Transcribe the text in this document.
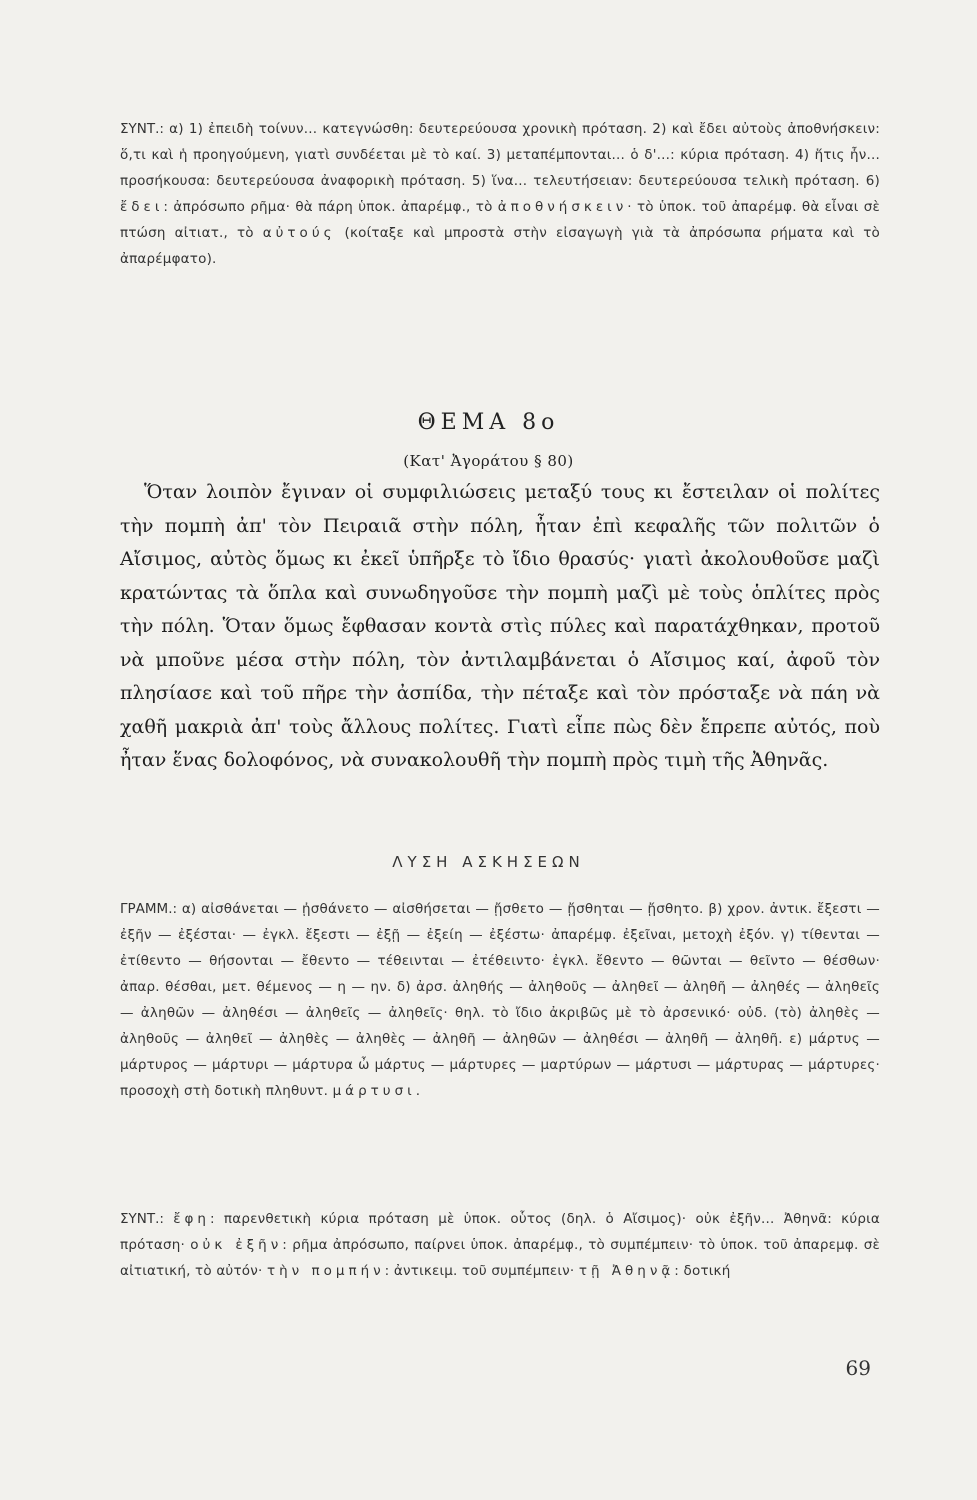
ΣΥΝΤ.: α) 1) ἐπειδὴ τοίνυν... κατεγνώσθη: δευτερεύουσα χρονικὴ πρόταση. 2) καὶ ἔδει αὐτοὺς ἀποθνήσκειν: ὅ,τι καὶ ἡ προηγούμενη, γιατὶ συνδέεται μὲ τὸ καί. 3) μεταπέμπονται... ὁ δ'...: κύρια πρόταση. 4) ἥτις ἦν... προσήκουσα: δευτερεύουσα ἀναφορικὴ πρόταση. 5) ἵνα... τελευτήσειαν: δευτερεύουσα τελικὴ πρόταση. 6) ἔδει: ἀπρόσωπο ρῆμα· θὰ πάρη ὑποκ. ἀπαρέμφ., τὸ ἀποθνήσκειν· τὸ ὑποκ. τοῦ ἀπαρέμφ. θὰ εἶναι σὲ πτώση αἰτιατ., τὸ αὐτούς (κοίταξε καὶ μπροστὰ στὴν εἰσαγωγὴ γιὰ τὰ ἀπρόσωπα ρήματα καὶ τὸ ἀπαρέμφατο).

ΘΕΜΑ 8ο
(Κατ' Ἀγοράτου § 80)

Ὅταν λοιπὸν ἔγιναν οἱ συμφιλιώσεις μεταξύ τους κι ἔστειλαν οἱ πολίτες τὴν πομπὴ ἀπ' τὸν Πειραιᾶ στὴν πόλη, ἦταν ἐπὶ κεφαλῆς τῶν πολιτῶν ὁ Αἴσιμος, αὐτὸς ὅμως κι ἐκεῖ ὑπῆρξε τὸ ἴδιο θρασύς· γιατὶ ἀκολουθοῦσε μαζὶ κρατώντας τὰ ὅπλα καὶ συνωδηγοῦσε τὴν πομπὴ μαζὶ μὲ τοὺς ὁπλίτες πρὸς τὴν πόλη. Ὅταν ὅμως ἔφθασαν κοντὰ στὶς πύλες καὶ παρατάχθηκαν, προτοῦ νὰ μποῦνε μέσα στὴν πόλη, τὸν ἀντιλαμβάνεται ὁ Αἴσιμος καί, ἀφοῦ τὸν πλησίασε καὶ τοῦ πῆρε τὴν ἀσπίδα, τὴν πέταξε καὶ τὸν πρόσταξε νὰ πάη νὰ χαθῆ μακριὰ ἀπ' τοὺς ἄλλους πολίτες. Γιατὶ εἶπε πὼς δὲν ἔπρεπε αὐτός, ποὺ ἦταν ἕνας δολοφόνος, νὰ συνακολουθῆ τὴν πομπὴ πρὸς τιμὴ τῆς Ἀθηνᾶς.

ΛΥΣΗ ΑΣΚΗΣΕΩΝ

ΓΡΑΜΜ.: α) αἰσθάνεται — ᾐσθάνετο — αἰσθήσεται — ᾔσθετο — ᾔσθηται — ᾔσθητο. β) χρον. ἀντικ. ἔξεστι — ἐξῆν — ἐξέσται· — ἐγκλ. ἔξεστι — ἐξῇ — ἐξείη — ἐξέστω· ἀπαρέμφ. ἐξεῖναι, μετοχὴ ἐξόν. γ) τίθενται — ἐτίθεντο — θήσονται — ἔθεντο — τέθεινται — ἐτέθειντο· ἐγκλ. ἔθεντο — θῶνται — θεῖντο — θέσθων· ἀπαρ. θέσθαι, μετ. θέμενος — η — ην. δ) ἀρσ. ἀληθής — ἀληθοῦς — ἀληθεῖ — ἀληθῆ — ἀληθές — ἀληθεῖς — ἀληθῶν — ἀληθέσι — ἀληθεῖς — ἀληθεῖς· θηλ. τὸ ἴδιο ἀκριβῶς μὲ τὸ ἀρσενικό· οὐδ. (τὸ) ἀληθὲς — ἀληθοῦς — ἀληθεῖ — ἀληθὲς — ἀληθὲς — ἀληθῆ — ἀληθῶν — ἀληθέσι — ἀληθῆ — ἀληθῆ. ε) μάρτυς — μάρτυρος — μάρτυρι — μάρτυρα ὦ μάρτυς — μάρτυρες — μαρτύρων — μάρτυσι — μάρτυρας — μάρτυρες· προσοχὴ στὴ δοτικὴ πληθυντ. μάρτυσι.

ΣΥΝΤ.: ἔφη: παρενθετικὴ κύρια πρόταση μὲ ὑποκ. οὗτος (δηλ. ὁ Αἴσιμος)· οὐκ ἐξῆν... Ἀθηνᾶ: κύρια πρόταση· οὐκ ἐξῆν: ρῆμα ἀπρόσωπο, παίρνει ὑποκ. ἀπαρέμφ., τὸ συμπέμπειν· τὸ ὑποκ. τοῦ ἀπαρεμφ. σὲ αἰτιατική, τὸ αὐτόν· τὴν πομπήν: ἀντικειμ. τοῦ συμπέμπειν· τῇ Ἀθηνᾷ: δοτική

69
